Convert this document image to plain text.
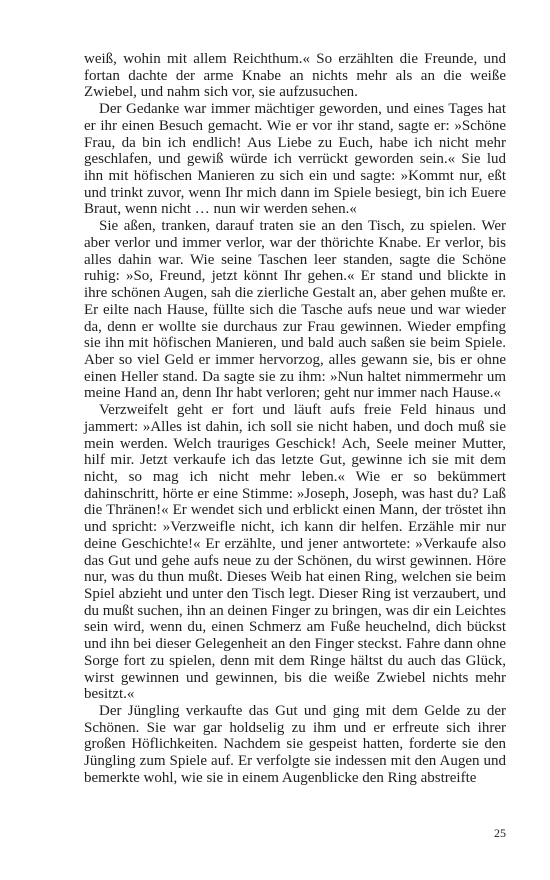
weiß, wohin mit allem Reichthum.« So erzählten die Freunde, und fortan dachte der arme Knabe an nichts mehr als an die weiße Zwiebel, und nahm sich vor, sie aufzusuchen.

Der Gedanke war immer mächtiger geworden, und eines Tages hat er ihr einen Besuch gemacht. Wie er vor ihr stand, sagte er: »Schöne Frau, da bin ich endlich! Aus Liebe zu Euch, habe ich nicht mehr geschlafen, und gewiß würde ich verrückt geworden sein.« Sie lud ihn mit höfischen Manieren zu sich ein und sagte: »Kommt nur, eßt und trinkt zuvor, wenn Ihr mich dann im Spiele besiegt, bin ich Euere Braut, wenn nicht … nun wir werden sehen.«

Sie aßen, tranken, darauf traten sie an den Tisch, zu spielen. Wer aber verlor und immer verlor, war der thörichte Knabe. Er verlor, bis alles dahin war. Wie seine Taschen leer standen, sagte die Schöne ruhig: »So, Freund, jetzt könnt Ihr gehen.« Er stand und blickte in ihre schönen Augen, sah die zierliche Gestalt an, aber gehen mußte er. Er eilte nach Hause, füllte sich die Tasche aufs neue und war wieder da, denn er wollte sie durchaus zur Frau gewinnen. Wieder empfing sie ihn mit höfischen Manieren, und bald auch saßen sie beim Spiele. Aber so viel Geld er immer hervorzog, alles gewann sie, bis er ohne einen Heller stand. Da sagte sie zu ihm: »Nun haltet nimmermehr um meine Hand an, denn Ihr habt verloren; geht nur immer nach Hause.«

Verzweifelt geht er fort und läuft aufs freie Feld hinaus und jammert: »Alles ist dahin, ich soll sie nicht haben, und doch muß sie mein werden. Welch trauriges Geschick! Ach, Seele meiner Mutter, hilf mir. Jetzt verkaufe ich das letzte Gut, gewinne ich sie mit dem nicht, so mag ich nicht mehr leben.« Wie er so bekümmert dahinschritt, hörte er eine Stimme: »Joseph, Joseph, was hast du? Laß die Thränen!« Er wendet sich und erblickt einen Mann, der tröstet ihn und spricht: »Verzweifle nicht, ich kann dir helfen. Erzähle mir nur deine Geschichte!« Er erzählte, und jener antwortete: »Verkaufe also das Gut und gehe aufs neue zu der Schönen, du wirst gewinnen. Höre nur, was du thun mußt. Dieses Weib hat einen Ring, welchen sie beim Spiel abzieht und unter den Tisch legt. Dieser Ring ist verzaubert, und du mußt suchen, ihn an deinen Finger zu bringen, was dir ein Leichtes sein wird, wenn du, einen Schmerz am Fuße heuchelnd, dich bückst und ihn bei dieser Gelegenheit an den Finger steckst. Fahre dann ohne Sorge fort zu spielen, denn mit dem Ringe hältst du auch das Glück, wirst gewinnen und gewinnen, bis die weiße Zwiebel nichts mehr besitzt.«

Der Jüngling verkaufte das Gut und ging mit dem Gelde zu der Schönen. Sie war gar holdselig zu ihm und er erfreute sich ihrer großen Höflichkeiten. Nachdem sie gespeist hatten, forderte sie den Jüngling zum Spiele auf. Er verfolgte sie indessen mit den Augen und bemerkte wohl, wie sie in einem Augenblicke den Ring abstreifte

25
